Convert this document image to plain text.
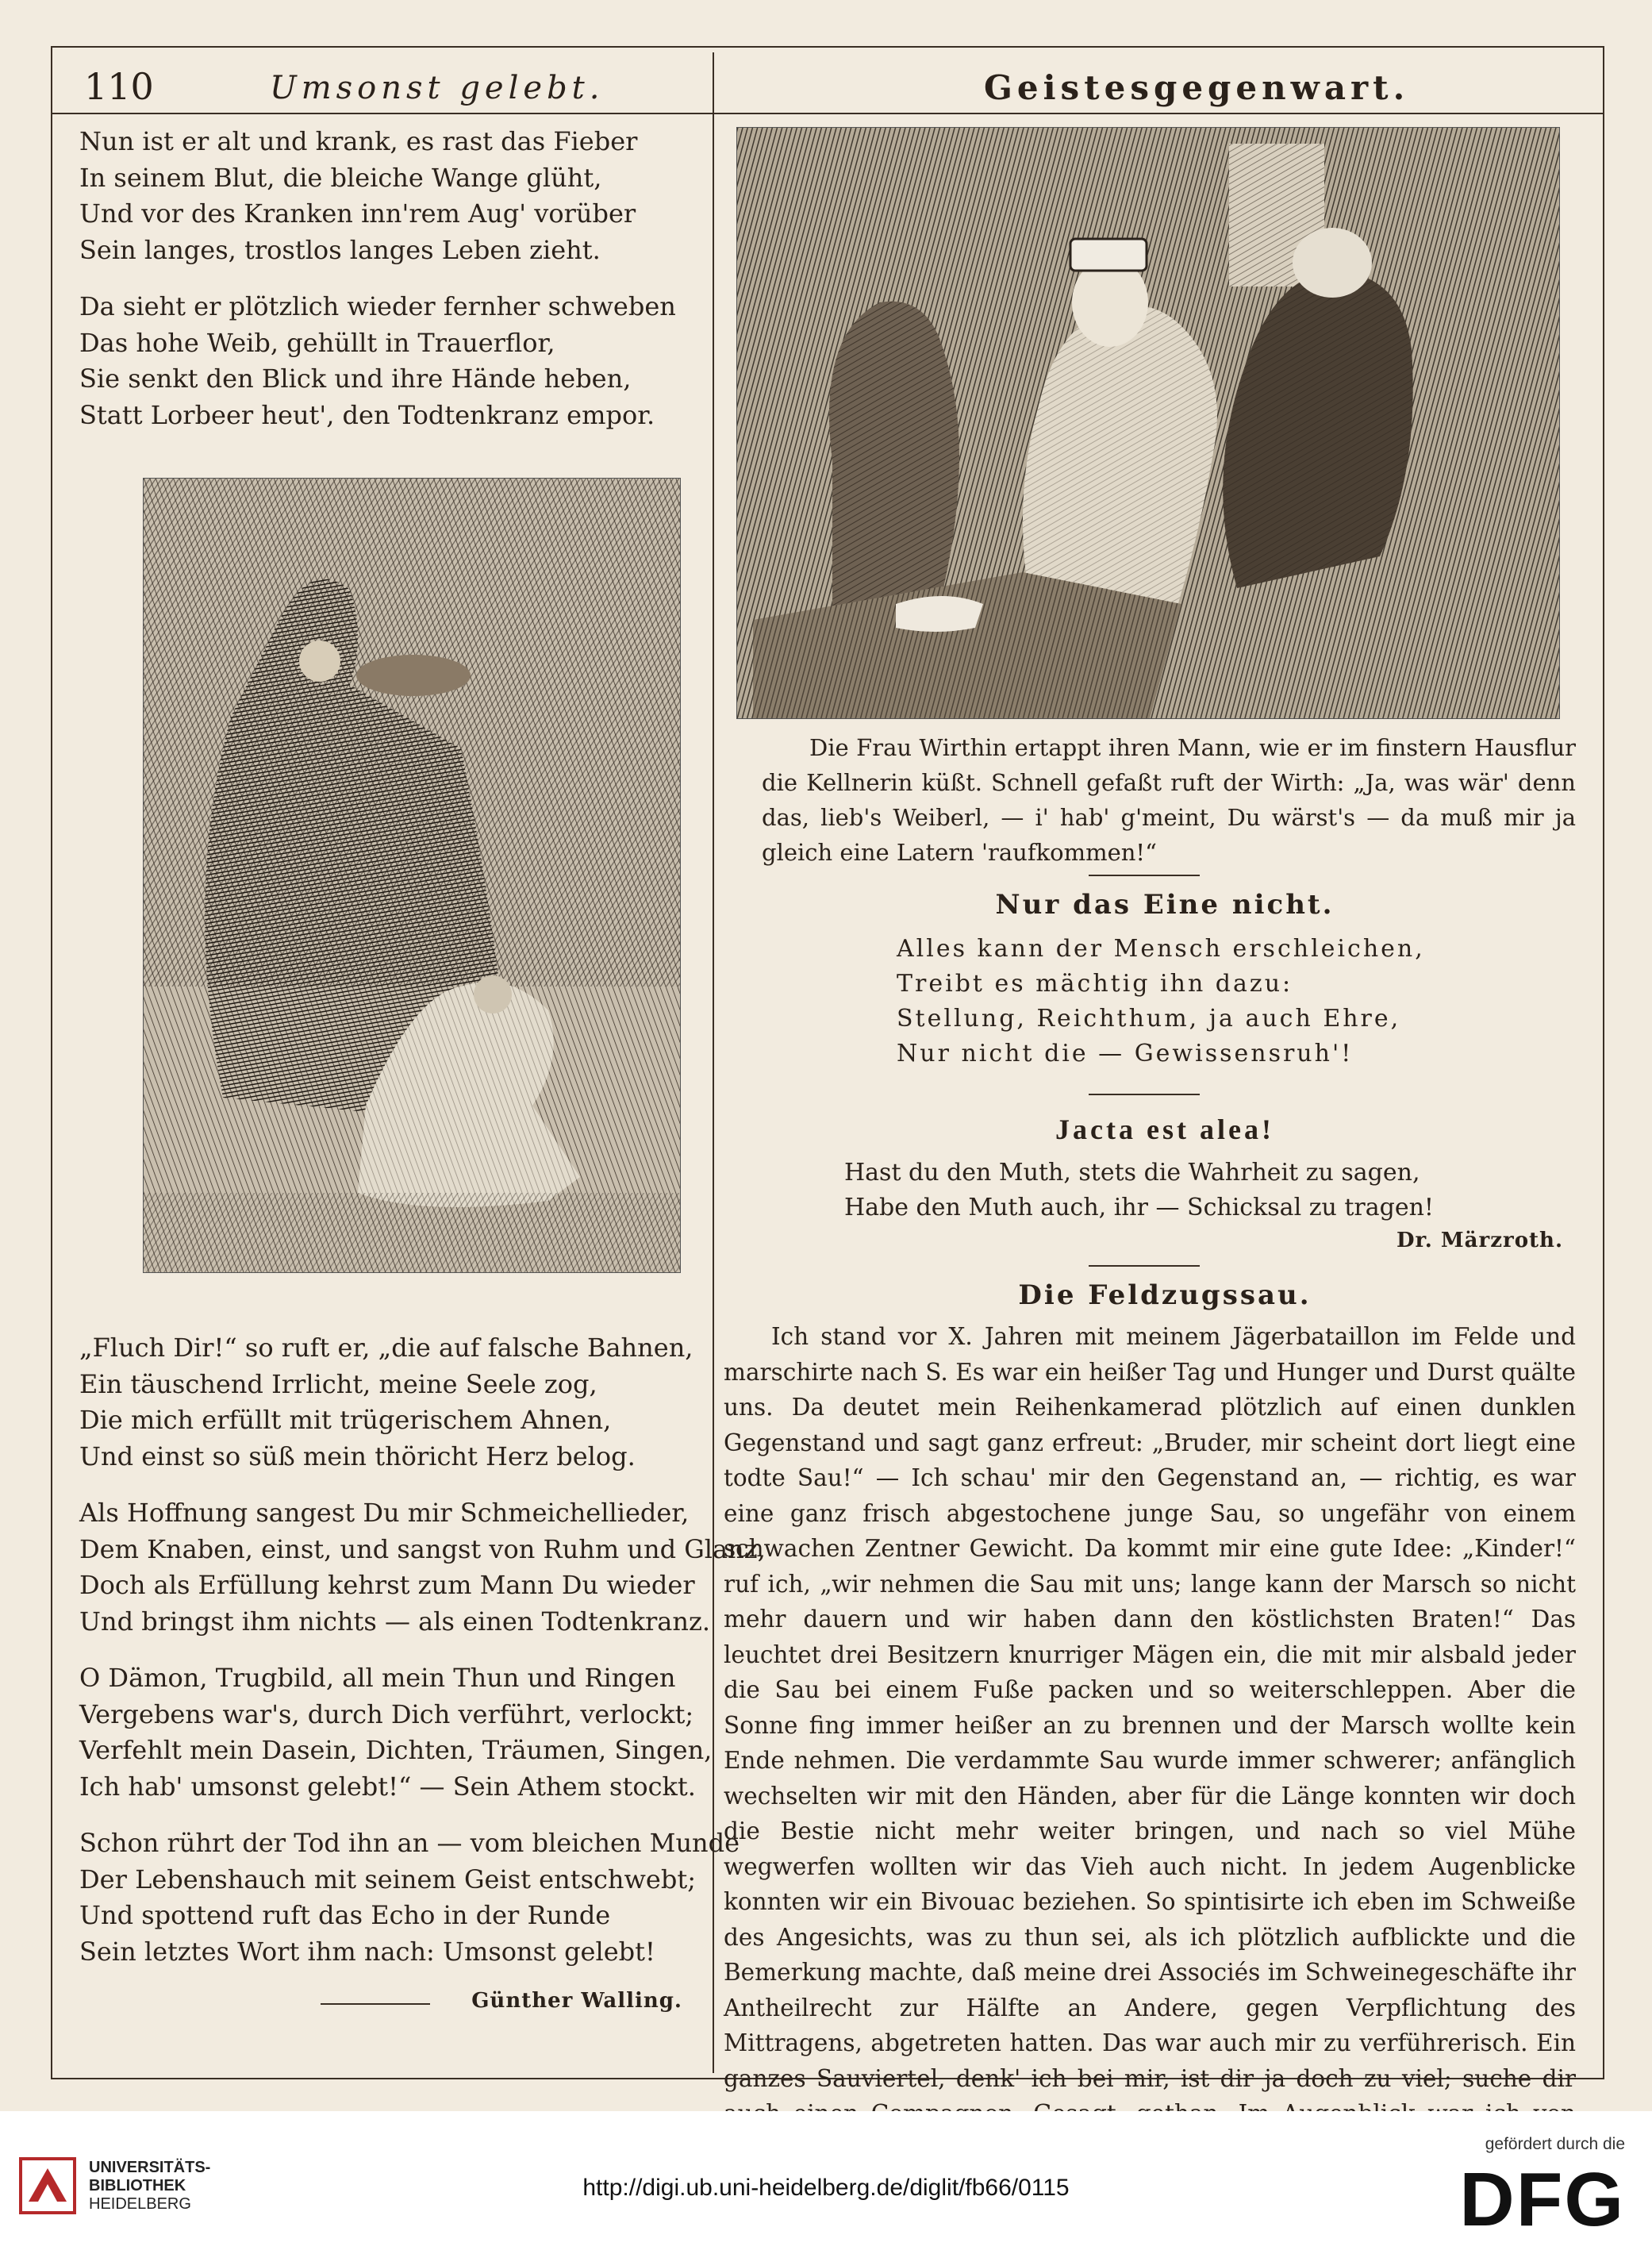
110	Umsonst gelebt.	Geistesgegenwart.
Nun ist er alt und krank, es rast das Fieber
In seinem Blut, die bleiche Wange glüht,
Und vor des Kranken inn'rem Aug' vorüber
Sein langes, trostlos langes Leben zieht.
Da sieht er plötzlich wieder fernher schweben
Das hohe Weib, gehüllt in Trauerflor,
Sie senkt den Blick und ihre Hände heben,
Statt Lorbeer heut', den Todtenkranz empor.
„Fluch Dir!“ so ruft er, „die auf falsche Bahnen,
Ein täuschend Irrlicht, meine Seele zog,
Die mich erfüllt mit trügerischem Ahnen,
Und einst so süß mein thöricht Herz belog.
Als Hoffnung sangest Du mir Schmeichellieder,
Dem Knaben, einst, und sangst von Ruhm und Glanz,
Doch als Erfüllung kehrst zum Mann Du wieder
Und bringst ihm nichts — als einen Todtenkranz.
O Dämon, Trugbild, all mein Thun und Ringen
Vergebens war's, durch Dich verführt, verlockt;
Verfehlt mein Dasein, Dichten, Träumen, Singen,
Ich hab' umsonst gelebt!“ — Sein Athem stockt.
Schon rührt der Tod ihn an — vom bleichen Munde
Der Lebenshauch mit seinem Geist entschwebt;
Und spottend ruft das Echo in der Runde
Sein letztes Wort ihm nach: Umsonst gelebt!
Günther Walling.
Die Frau Wirthin ertappt ihren Mann, wie er im finstern Hausflur die Kellnerin küßt. Schnell gefaßt ruft der Wirth: „Ja, was wär' denn das, lieb's Weiberl, — i' hab' g'meint, Du wärst's — da muß mir ja gleich eine Latern 'raufkommen!“
Nur das Eine nicht.
Alles kann der Mensch erschleichen,
Treibt es mächtig ihn dazu:
Stellung, Reichthum, ja auch Ehre,
Nur nicht die — Gewissensruh'!
Jacta est alea!
Hast du den Muth, stets die Wahrheit zu sagen,
Habe den Muth auch, ihr — Schicksal zu tragen!
Dr. Märzroth.
Die Feldzugssau.
Ich stand vor X. Jahren mit meinem Jägerbataillon im Felde und marschirte nach S. Es war ein heißer Tag und Hunger und Durst quälte uns. Da deutet mein Reihenkamerad plötzlich auf einen dunklen Gegenstand und sagt ganz erfreut: „Bruder, mir scheint dort liegt eine todte Sau!“ — Ich schau' mir den Gegenstand an, — richtig, es war eine ganz frisch abgestochene junge Sau, so ungefähr von einem schwachen Zentner Gewicht. Da kommt mir eine gute Idee: „Kinder!“ ruf ich, „wir nehmen die Sau mit uns; lange kann der Marsch so nicht mehr dauern und wir haben dann den köstlichsten Braten!“ Das leuchtet drei Besitzern knurriger Mägen ein, die mit mir alsbald jeder die Sau bei einem Fuße packen und so weiterschleppen. Aber die Sonne fing immer heißer an zu brennen und der Marsch wollte kein Ende nehmen. Die verdammte Sau wurde immer schwerer; anfänglich wechselten wir mit den Händen, aber für die Länge konnten wir doch die Bestie nicht mehr weiter bringen, und nach so viel Mühe wegwerfen wollten wir das Vieh auch nicht. In jedem Augenblicke konnten wir ein Bivouac beziehen. So spintisirte ich eben im Schweiße des Angesichts, was zu thun sei, als ich plötzlich aufblickte und die Bemerkung machte, daß meine drei Associés im Schweinegeschäfte ihr Antheilrecht zur Hälfte an Andere, gegen Verpflichtung des Mittragens, abgetreten hatten. Das war auch mir zu verführerisch. Ein ganzes Sauviertel, denk' ich bei mir, ist dir ja doch zu viel; suche dir
UNIVERSITÄTS-
BIBLIOTHEK
HEIDELBERG
http://digi.ub.uni-heidelberg.de/diglit/fb66/0115
gefördert durch die
DFG
